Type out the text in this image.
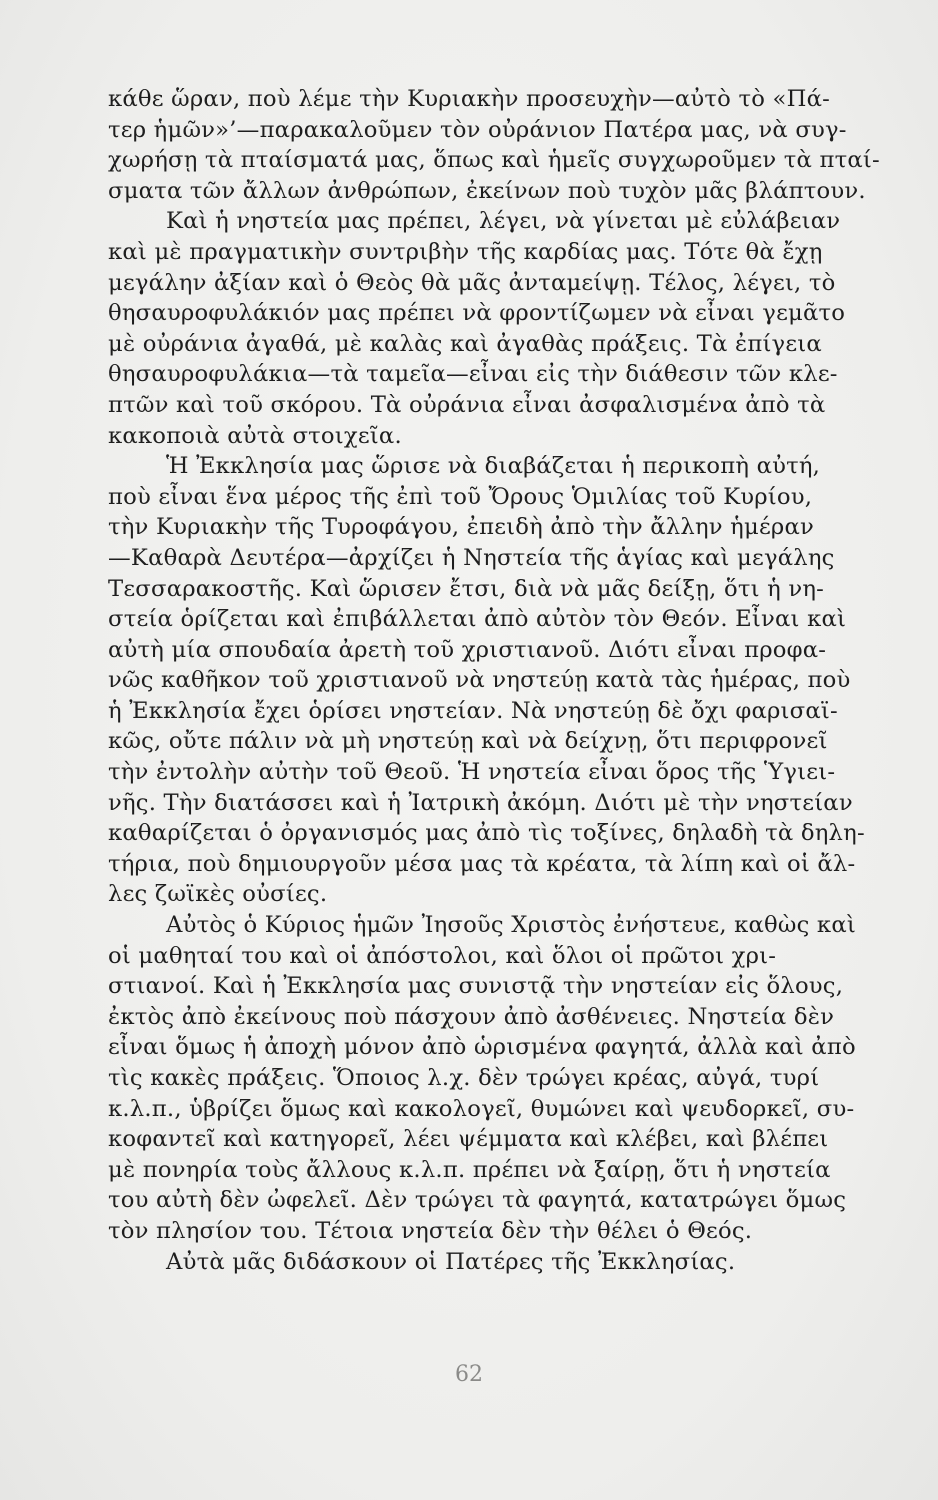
κάθε ὥραν, ποὺ λέμε τὴν Κυριακὴν προσευχὴν—αὐτὸ τὸ «Πά-
τερ ἡμῶν»’—παρακαλοῦμεν τὸν οὐράνιον Πατέρα μας, νὰ συγ-
χωρήσῃ τὰ πταίσματά μας, ὅπως καὶ ἡμεῖς συγχωροῦμεν τὰ πταί-
σματα τῶν ἄλλων ἀνθρώπων, ἐκείνων ποὺ τυχὸν μᾶς βλάπτουν.
Καὶ ἡ νηστεία μας πρέπει, λέγει, νὰ γίνεται μὲ εὐλάβειαν
καὶ μὲ πραγματικὴν συντριβὴν τῆς καρδίας μας. Τότε θὰ ἔχῃ
μεγάλην ἀξίαν καὶ ὁ Θεὸς θὰ μᾶς ἀνταμείψῃ. Τέλος, λέγει, τὸ
θησαυροφυλάκιόν μας πρέπει νὰ φροντίζωμεν νὰ εἶναι γεμᾶτο
μὲ οὐράνια ἀγαθά, μὲ καλὰς καὶ ἀγαθὰς πράξεις. Τὰ ἐπίγεια
θησαυροφυλάκια—τὰ ταμεῖα—εἶναι εἰς τὴν διάθεσιν τῶν κλε-
πτῶν καὶ τοῦ σκόρου. Τὰ οὐράνια εἶναι ἀσφαλισμένα ἀπὸ τὰ
κακοποιὰ αὐτὰ στοιχεῖα.
Ἡ Ἐκκλησία μας ὥρισε νὰ διαβάζεται ἡ περικοπὴ αὐτή,
ποὺ εἶναι ἕνα μέρος τῆς ἐπὶ τοῦ Ὄρους Ὁμιλίας τοῦ Κυρίου,
τὴν Κυριακὴν τῆς Τυροφάγου, ἐπειδὴ ἀπὸ τὴν ἄλλην ἡμέραν
—Καθαρὰ Δευτέρα—ἀρχίζει ἡ Νηστεία τῆς ἁγίας καὶ μεγάλης
Τεσσαρακοστῆς. Καὶ ὥρισεν ἔτσι, διὰ νὰ μᾶς δείξῃ, ὅτι ἡ νη-
στεία ὁρίζεται καὶ ἐπιβάλλεται ἀπὸ αὐτὸν τὸν Θεόν. Εἶναι καὶ
αὐτὴ μία σπουδαία ἀρετὴ τοῦ χριστιανοῦ. Διότι εἶναι προφα-
νῶς καθῆκον τοῦ χριστιανοῦ νὰ νηστεύῃ κατὰ τὰς ἡμέρας, ποὺ
ἡ Ἐκκλησία ἔχει ὁρίσει νηστείαν. Νὰ νηστεύῃ δὲ ὄχι φαρισαϊ-
κῶς, οὔτε πάλιν νὰ μὴ νηστεύῃ καὶ νὰ δείχνῃ, ὅτι περιφρονεῖ
τὴν ἐντολὴν αὐτὴν τοῦ Θεοῦ. Ἡ νηστεία εἶναι ὅρος τῆς Ὑγιει-
νῆς. Τὴν διατάσσει καὶ ἡ Ἰατρικὴ ἀκόμη. Διότι μὲ τὴν νηστείαν
καθαρίζεται ὁ ὀργανισμός μας ἀπὸ τὶς τοξίνες, δηλαδὴ τὰ δηλη-
τήρια, ποὺ δημιουργοῦν μέσα μας τὰ κρέατα, τὰ λίπη καὶ οἱ ἄλ-
λες ζωϊκὲς οὐσίες.
Αὐτὸς ὁ Κύριος ἡμῶν Ἰησοῦς Χριστὸς ἐνήστευε, καθὼς καὶ
οἱ μαθηταί του καὶ οἱ ἀπόστολοι, καὶ ὅλοι οἱ πρῶτοι χρι-
στιανοί. Καὶ ἡ Ἐκκλησία μας συνιστᾷ τὴν νηστείαν εἰς ὅλους,
ἐκτὸς ἀπὸ ἐκείνους ποὺ πάσχουν ἀπὸ ἀσθένειες. Νηστεία δὲν
εἶναι ὅμως ἡ ἀποχὴ μόνον ἀπὸ ὡρισμένα φαγητά, ἀλλὰ καὶ ἀπὸ
τὶς κακὲς πράξεις. Ὅποιος λ.χ. δὲν τρώγει κρέας, αὐγά, τυρί
κ.λ.π., ὑβρίζει ὅμως καὶ κακολογεῖ, θυμώνει καὶ ψευδορκεῖ, συ-
κοφαντεῖ καὶ κατηγορεῖ, λέει ψέμματα καὶ κλέβει, καὶ βλέπει
μὲ πονηρία τοὺς ἄλλους κ.λ.π. πρέπει νὰ ξαίρῃ, ὅτι ἡ νηστεία
του αὐτὴ δὲν ὠφελεῖ. Δὲν τρώγει τὰ φαγητά, κατατρώγει ὅμως
τὸν πλησίον του. Τέτοια νηστεία δὲν τὴν θέλει ὁ Θεός.
Αὐτὰ μᾶς διδάσκουν οἱ Πατέρες τῆς Ἐκκλησίας.
62
